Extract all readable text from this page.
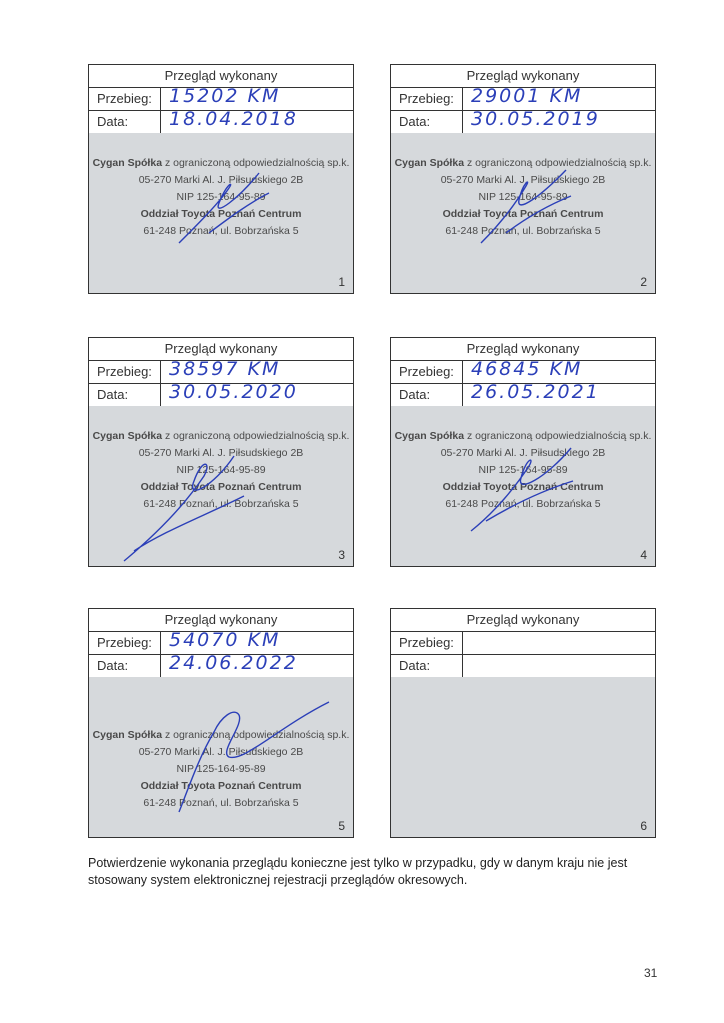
Przegląd wykonany
Przebieg: 15202 KM
Data:	18.04.2018
Cygan Spółka z ograniczoną odpowiedzialnością sp.k.
05-270 Marki Al. J. Piłsudskiego 2B
NIP 125-164-95-89
Oddział Toyota Poznań Centrum
61-248 Poznań, ul. Bobrzańska 5
1
Przegląd wykonany
Przebieg: 29001 KM
Data:	30.05.2019
Cygan Spółka z ograniczoną odpowiedzialnością sp.k.
05-270 Marki Al. J. Piłsudskiego 2B
NIP 125-164-95-89
Oddział Toyota Poznań Centrum
61-248 Poznań, ul. Bobrzańska 5
2
Przegląd wykonany
Przebieg: 38597 KM
Data:	30.05.2020
Cygan Spółka z ograniczoną odpowiedzialnością sp.k.
05-270 Marki Al. J. Piłsudskiego 2B
NIP 125-164-95-89
Oddział Toyota Poznań Centrum
61-248 Poznań, ul. Bobrzańska 5
3
Przegląd wykonany
Przebieg: 46845 KM
Data:	26.05.2021
Cygan Spółka z ograniczoną odpowiedzialnością sp.k.
05-270 Marki Al. J. Piłsudskiego 2B
NIP 125-164-95-89
Oddział Toyota Poznań Centrum
61-248 Poznań, ul. Bobrzańska 5
4
Przegląd wykonany
Przebieg: 54070 KM
Data:	24.06.2022
Cygan Spółka z ograniczoną odpowiedzialnością sp.k.
05-270 Marki Al. J. Piłsudskiego 2B
NIP 125-164-95-89
Oddział Toyota Poznań Centrum
61-248 Poznań, ul. Bobrzańska 5
5
Przegląd wykonany
Przebieg:
Data:
6
Potwierdzenie wykonania przeglądu konieczne jest tylko w przypadku, gdy w danym kraju nie jest stosowany system elektronicznej rejestracji przeglądów okresowych.
31
